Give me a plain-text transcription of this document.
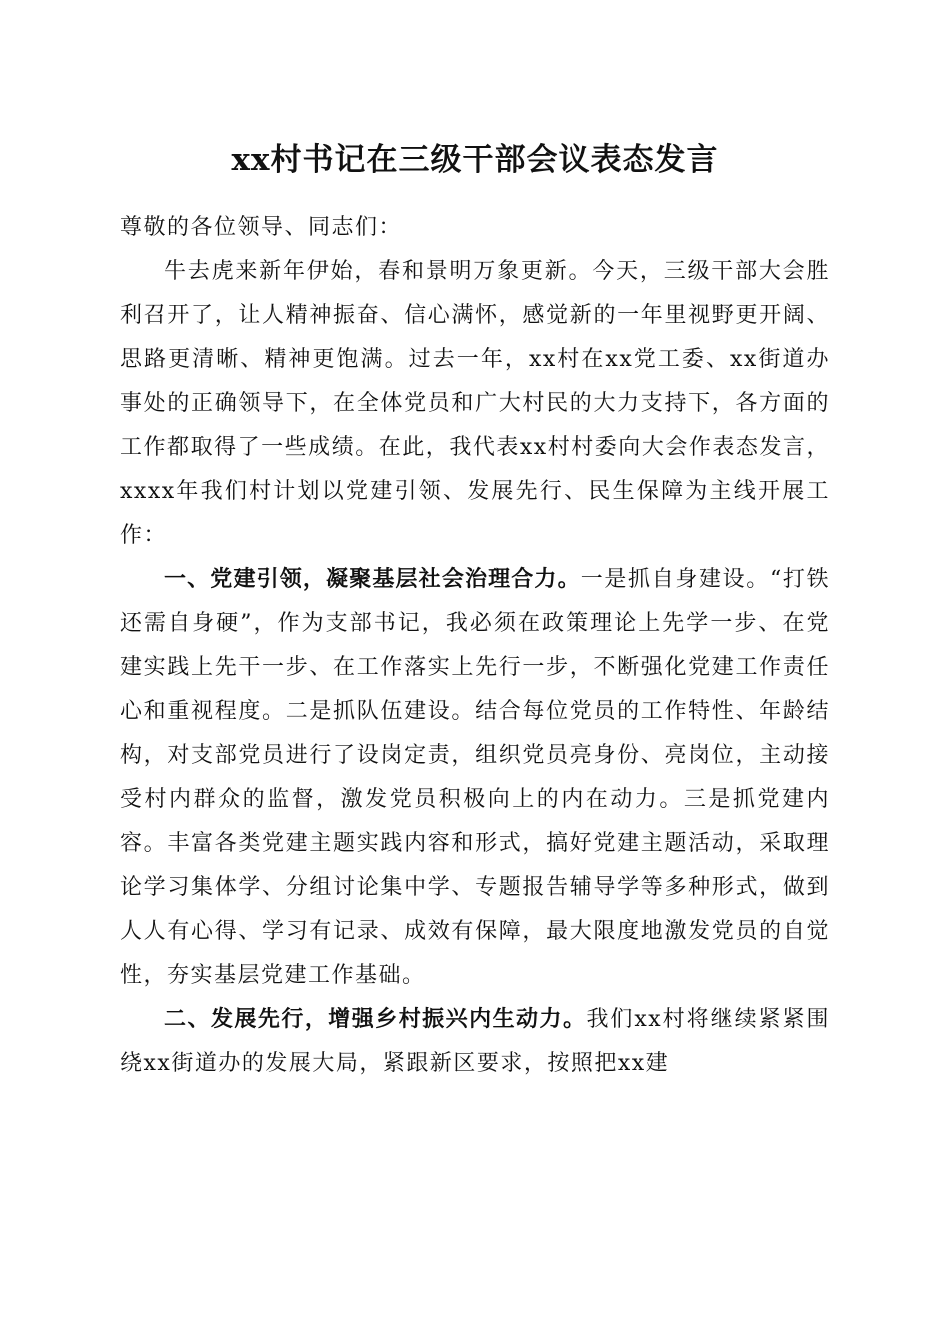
xx村书记在三级干部会议表态发言

尊敬的各位领导、同志们：

牛去虎来新年伊始，春和景明万象更新。今天，三级干部大会胜利召开了，让人精神振奋、信心满怀，感觉新的一年里视野更开阔、思路更清晰、精神更饱满。过去一年，xx村在xx党工委、xx街道办事处的正确领导下，在全体党员和广大村民的大力支持下，各方面的工作都取得了一些成绩。在此，我代表xx村村委向大会作表态发言，xxxx年我们村计划以党建引领、发展先行、民生保障为主线开展工作：

一、党建引领，凝聚基层社会治理合力。一是抓自身建设。“打铁还需自身硬”，作为支部书记，我必须在政策理论上先学一步、在党建实践上先干一步、在工作落实上先行一步，不断强化党建工作责任心和重视程度。二是抓队伍建设。结合每位党员的工作特性、年龄结构，对支部党员进行了设岗定责，组织党员亮身份、亮岗位，主动接受村内群众的监督，激发党员积极向上的内在动力。三是抓党建内容。丰富各类党建主题实践内容和形式，搞好党建主题活动，采取理论学习集体学、分组讨论集中学、专题报告辅导学等多种形式，做到人人有心得、学习有记录、成效有保障，最大限度地激发党员的自觉性，夯实基层党建工作基础。

二、发展先行，增强乡村振兴内生动力。我们xx村将继续紧紧围绕xx街道办的发展大局，紧跟新区要求，按照把xx建
